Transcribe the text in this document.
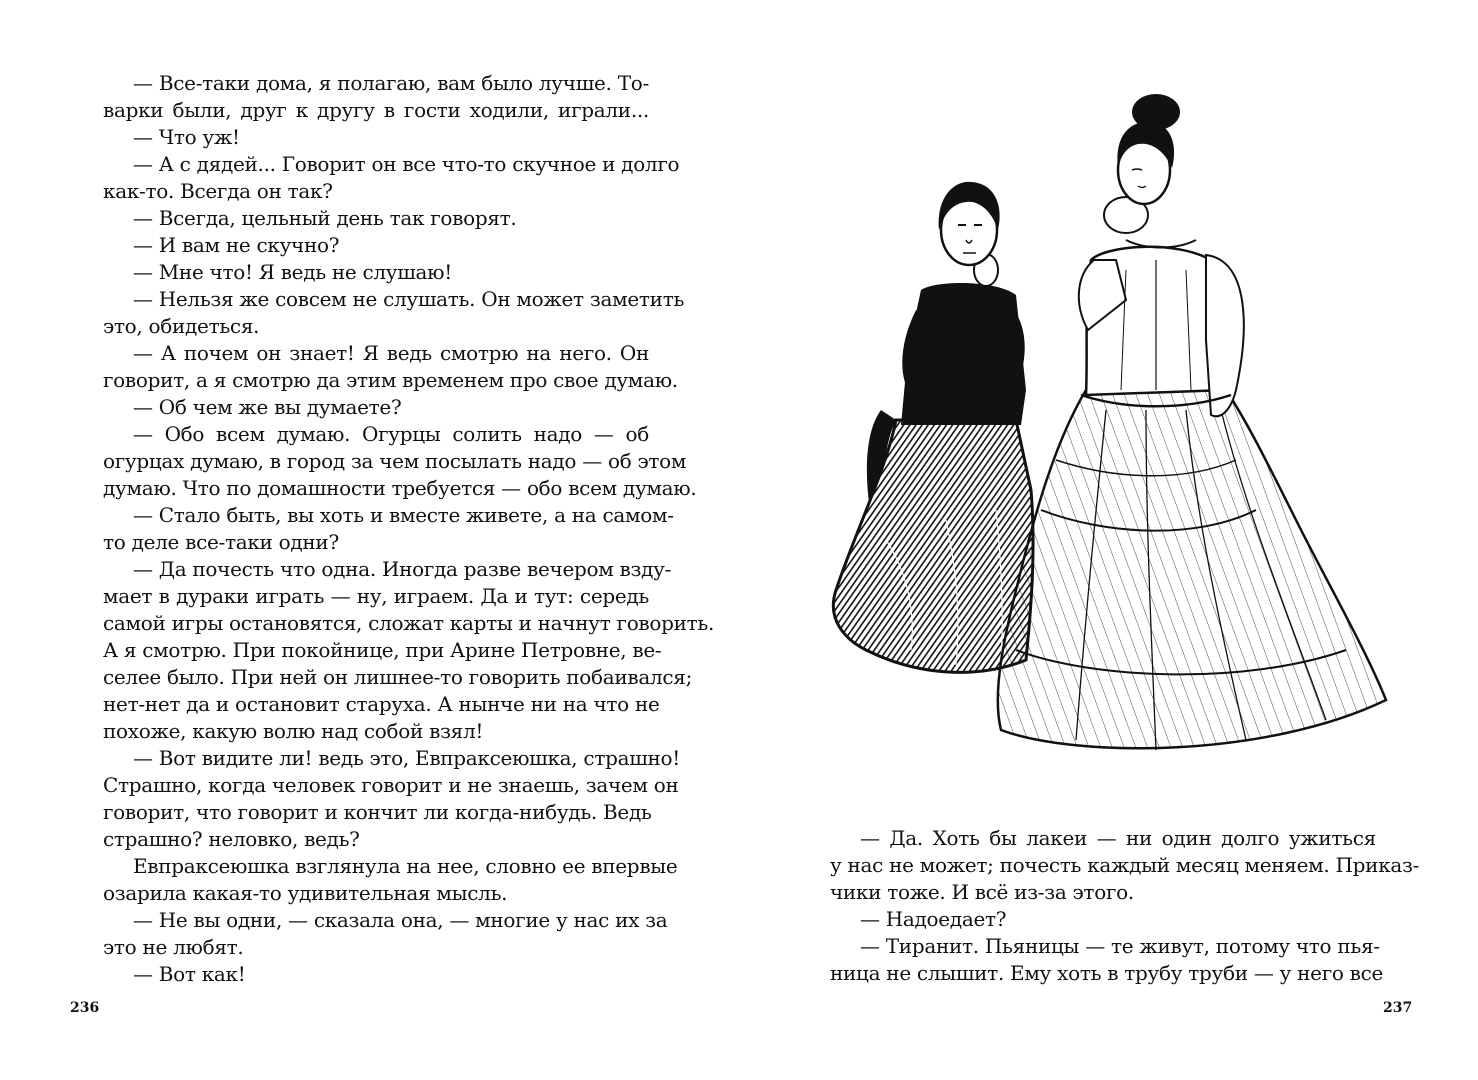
— Все-таки дома, я полагаю, вам было лучше. То-
варки были, друг к другу в гости ходили, играли...
— Что уж!
— А с дядей... Говорит он все что-то скучное и долго
как-то. Всегда он так?
— Всегда, цельный день так говорят.
— И вам не скучно?
— Мне что! Я ведь не слушаю!
— Нельзя же совсем не слушать. Он может заметить
это, обидеться.
— А почем он знает! Я ведь смотрю на него. Он
говорит, а я смотрю да этим временем про свое думаю.
— Об чем же вы думаете?
— Обо всем думаю. Огурцы солить надо — об
огурцах думаю, в город за чем посылать надо — об этом
думаю. Что по домашности требуется — обо всем думаю.
— Стало быть, вы хоть и вместе живете, а на самом-
то деле все-таки одни?
— Да почесть что одна. Иногда разве вечером взду-
мает в дураки играть — ну, играем. Да и тут: середь
самой игры остановятся, сложат карты и начнут говорить.
А я смотрю. При покойнице, при Арине Петровне, ве-
селее было. При ней он лишнее-то говорить побаивался;
нет-нет да и остановит старуха. А нынче ни на что не
похоже, какую волю над собой взял!
— Вот видите ли! ведь это, Евпраксеюшка, страшно!
Страшно, когда человек говорит и не знаешь, зачем он
говорит, что говорит и кончит ли когда-нибудь. Ведь
страшно? неловко, ведь?
Евпраксеюшка взглянула на нее, словно ее впервые
озарила какая-то удивительная мысль.
— Не вы одни, — сказала она, — многие у нас их за
это не любят.
— Вот как!
236
— Да. Хоть бы лакеи — ни один долго ужиться
у нас не может; почесть каждый месяц меняем. Приказ-
чики тоже. И всё из-за этого.
— Надоедает?
— Тиранит. Пьяницы — те живут, потому что пья-
ница не слышит. Ему хоть в трубу труби — у него все
237
